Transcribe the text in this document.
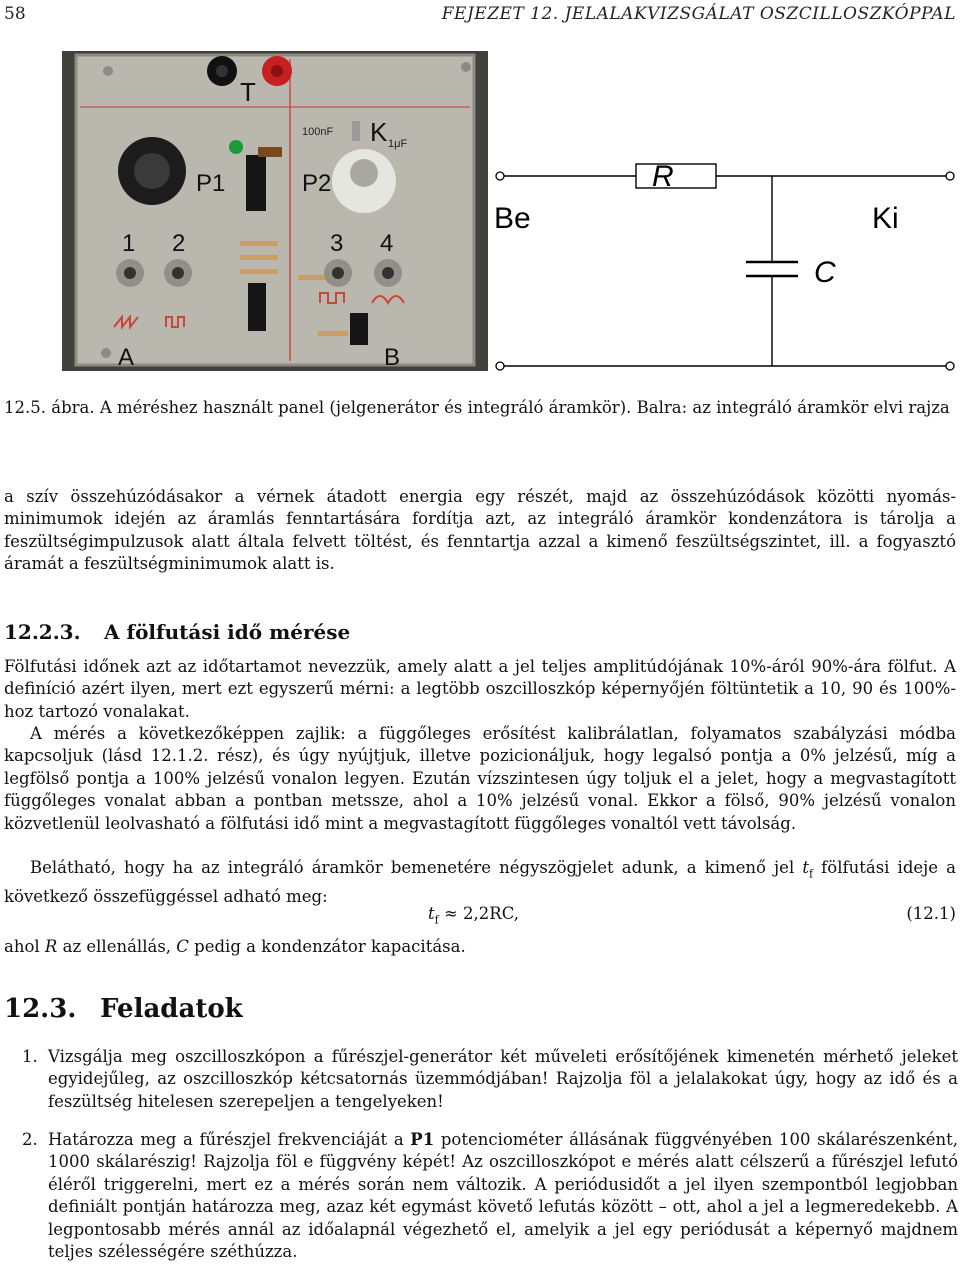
58	FEJEZET 12. JELALAKVIZSGÁLAT OSZCILLOSZKÓPPAL
T
P1	P2
100nF K 1μF
1 2	3 4
A	B
R
C
Be	Ki
12.5. ábra. A méréshez használt panel (jelgenerátor és integráló áramkör). Balra: az integráló áramkör elvi rajza
a szív összehúzódásakor a vérnek átadott energia egy részét, majd az összehúzódások közötti nyomás-minimumok idején az áramlás fenntartására fordítja azt, az integráló áramkör kondenzátora is tárolja a feszültségimpulzusok alatt általa felvett töltést, és fenntartja azzal a kimenő feszültségszintet, ill. a fogyasztó áramát a feszültségminimumok alatt is.
12.2.3. A fölfutási idő mérése
Fölfutási időnek azt az időtartamot nevezzük, amely alatt a jel teljes amplitúdójának 10%-áról 90%-ára fölfut. A definíció azért ilyen, mert ezt egyszerű mérni: a legtöbb oszcilloszkóp képernyőjén föltüntetik a 10, 90 és 100%-hoz tartozó vonalakat.
A mérés a következőképpen zajlik: a függőleges erősítést kalibrálatlan, folyamatos szabályzási módba kapcsoljuk (lásd 12.1.2. rész), és úgy nyújtjuk, illetve pozicionáljuk, hogy legalsó pontja a 0% jelzésű, míg a legfölső pontja a 100% jelzésű vonalon legyen. Ezután vízszintesen úgy toljuk el a jelet, hogy a megvastagított függőleges vonalat abban a pontban metssze, ahol a 10% jelzésű vonal. Ekkor a fölső, 90% jelzésű vonalon közvetlenül leolvasható a fölfutási idő mint a megvastagított függőleges vonaltól vett távolság.
Belátható, hogy ha az integráló áramkör bemenetére négyszögjelet adunk, a kimenő jel $t_f$ fölfutási ideje a következő összefüggéssel adható meg:
$t_f \approx 2,2RC$,	(12.1)
ahol R az ellenállás, C pedig a kondenzátor kapacitása.
12.3. Feladatok
1. Vizsgálja meg oszcilloszkópon a fűrészjel-generátor két műveleti erősítőjének kimenetén mérhető jeleket egyidejűleg, az oszcilloszkóp kétcsatornás üzemmódjában! Rajzolja föl a jelalakokat úgy, hogy az idő és a feszültség hitelesen szerepeljen a tengelyeken!
2. Határozza meg a fűrészjel frekvenciáját a P1 potenciométer állásának függvényében 100 skálarészenként, 1000 skálarészig! Rajzolja föl e függvény képét! Az oszcilloszkópot e mérés alatt célszerű a fűrészjel lefutó éléről triggerelni, mert ez a mérés során nem változik. A periódusidőt a jel ilyen szempontból legjobban definiált pontján határozza meg, azaz két egymást követő lefutás között – ott, ahol a jel a legmeredekebb. A legpontosabb mérés annál az időalapnál végezhető el, amelyik a jel egy periódusát a képernyő majdnem teljes szélességére széthúzza.
